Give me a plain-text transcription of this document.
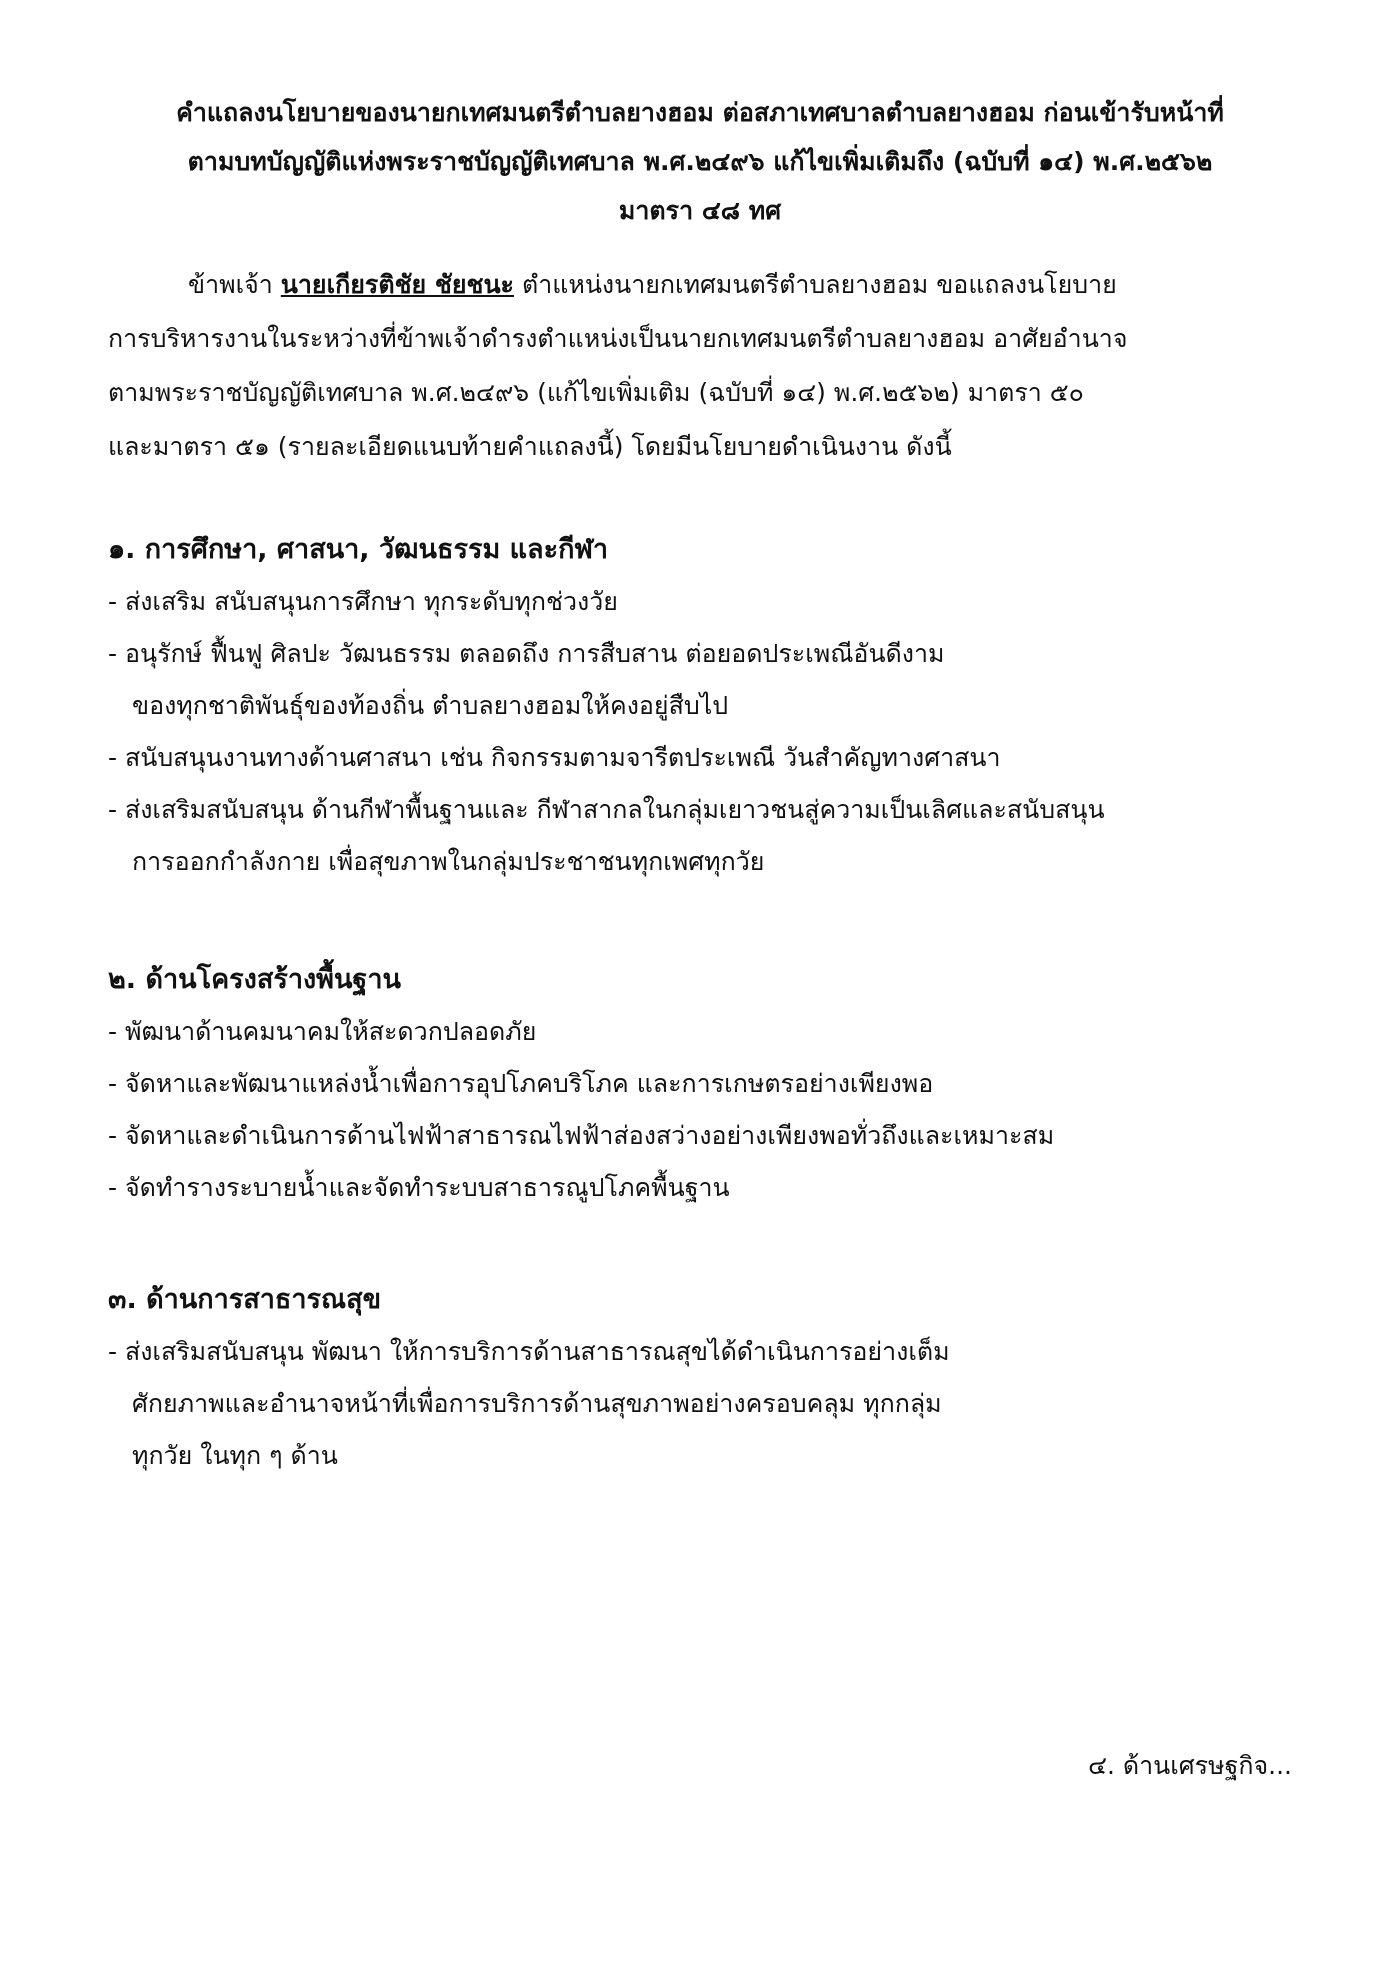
คำแถลงนโยบายของนายกเทศมนตรีตำบลยางฮอม ต่อสภาเทศบาลตำบลยางฮอม ก่อนเข้ารับหน้าที่
ตามบทบัญญัติแห่งพระราชบัญญัติเทศบาล พ.ศ.๒๔๙๖ แก้ไขเพิ่มเติมถึง (ฉบับที่ ๑๔) พ.ศ.๒๕๖๒
มาตรา ๔๘ ทศ
ข้าพเจ้า นายเกียรติชัย ชัยชนะ ตำแหน่งนายกเทศมนตรีตำบลยางฮอม ขอแถลงนโยบาย
การบริหารงานในระหว่างที่ข้าพเจ้าดำรงตำแหน่งเป็นนายกเทศมนตรีตำบลยางฮอม อาศัยอำนาจ
ตามพระราชบัญญัติเทศบาล พ.ศ.๒๔๙๖ (แก้ไขเพิ่มเติม (ฉบับที่ ๑๔) พ.ศ.๒๕๖๒) มาตรา ๕๐
และมาตรา ๕๑ (รายละเอียดแนบท้ายคำแถลงนี้) โดยมีนโยบายดำเนินงาน ดังนี้
๑. การศึกษา, ศาสนา, วัฒนธรรม และกีฬา
- ส่งเสริม สนับสนุนการศึกษา ทุกระดับทุกช่วงวัย
- อนุรักษ์ ฟื้นฟู ศิลปะ วัฒนธรรม ตลอดถึง การสืบสาน ต่อยอดประเพณีอันดีงาม
ของทุกชาติพันธุ์ของท้องถิ่น ตำบลยางฮอมให้คงอยู่สืบไป
- สนับสนุนงานทางด้านศาสนา เช่น กิจกรรมตามจารีตประเพณี วันสำคัญทางศาสนา
- ส่งเสริมสนับสนุน ด้านกีฬาพื้นฐานและ กีฬาสากลในกลุ่มเยาวชนสู่ความเป็นเลิศและสนับสนุน
การออกกำลังกาย เพื่อสุขภาพในกลุ่มประชาชนทุกเพศทุกวัย
๒. ด้านโครงสร้างพื้นฐาน
- พัฒนาด้านคมนาคมให้สะดวกปลอดภัย
- จัดหาและพัฒนาแหล่งน้ำเพื่อการอุปโภคบริโภค และการเกษตรอย่างเพียงพอ
- จัดหาและดำเนินการด้านไฟฟ้าสาธารณไฟฟ้าส่องสว่างอย่างเพียงพอทั่วถึงและเหมาะสม
- จัดทำรางระบายน้ำและจัดทำระบบสาธารณูปโภคพื้นฐาน
๓. ด้านการสาธารณสุข
- ส่งเสริมสนับสนุน พัฒนา ให้การบริการด้านสาธารณสุขได้ดำเนินการอย่างเต็ม
ศักยภาพและอำนาจหน้าที่เพื่อการบริการด้านสุขภาพอย่างครอบคลุม ทุกกลุ่ม
ทุกวัย ในทุก ๆ ด้าน
๔. ด้านเศรษฐกิจ...
